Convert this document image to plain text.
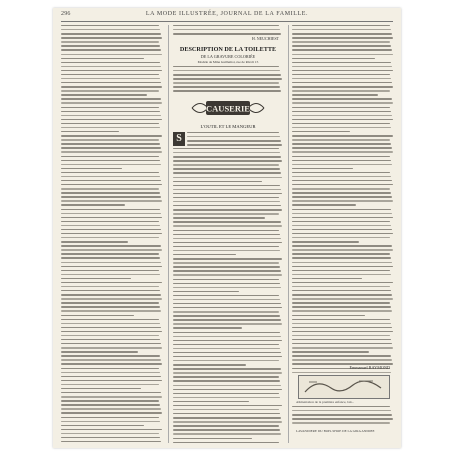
296	LA MODE ILLUSTRÉE, JOURNAL DE LA FAMILLE.
H. NEUCHIEST
DESCRIPTION DE LA TOILETTE
DE LA GRAVURE COLORIÉE
Modèle de Mme Guillemot, rue de Rivoli 15
CAUSERIE
L'OUTIL ET LE MANGEUR
S
Emmanuel RAYMOND
Alimentation de la première enfance, lait...
LAVANDIERE DU BOIS-SHOE DE LA GIRA ANIMEE
